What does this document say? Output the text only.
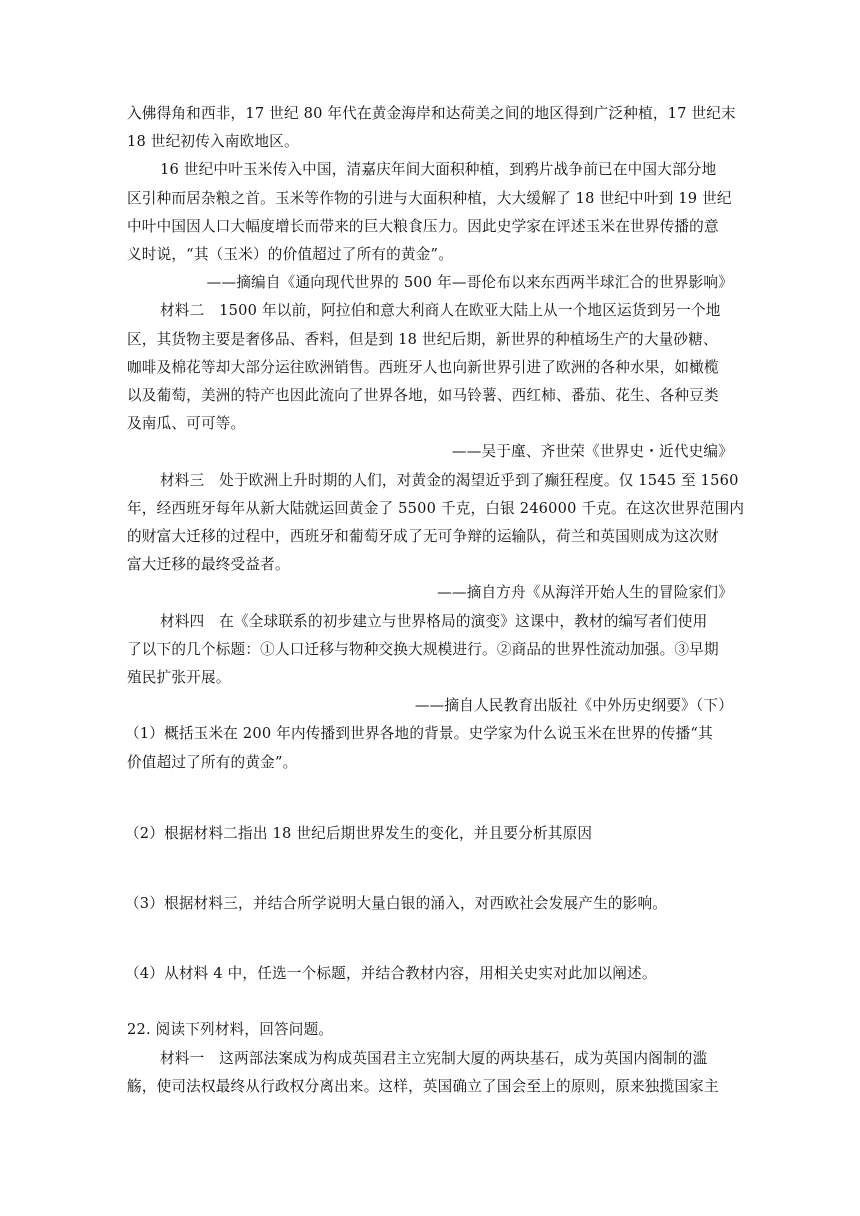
入佛得角和西非，17 世纪 80 年代在黄金海岸和达荷美之间的地区得到广泛种植，17 世纪末
18 世纪初传入南欧地区。
16 世纪中叶玉米传入中国，清嘉庆年间大面积种植，到鸦片战争前已在中国大部分地
区引种而居杂粮之首。玉米等作物的引进与大面积种植，大大缓解了 18 世纪中叶到 19 世纪
中叶中国因人口大幅度增长而带来的巨大粮食压力。因此史学家在评述玉米在世界传播的意
义时说，“其（玉米）的价值超过了所有的黄金”。
——摘编自《通向现代世界的 500 年—哥伦布以来东西两半球汇合的世界影响》
材料二　1500 年以前，阿拉伯和意大利商人在欧亚大陆上从一个地区运货到另一个地
区，其货物主要是奢侈品、香料，但是到 18 世纪后期，新世界的种植场生产的大量砂糖、
咖啡及棉花等却大部分运往欧洲销售。西班牙人也向新世界引进了欧洲的各种水果，如橄榄
以及葡萄，美洲的特产也因此流向了世界各地，如马铃薯、西红柿、番茄、花生、各种豆类
及南瓜、可可等。
——吴于廑、齐世荣《世界史・近代史编》
材料三　处于欧洲上升时期的人们，对黄金的渴望近乎到了癫狂程度。仅 1545 至 1560
年，经西班牙每年从新大陆就运回黄金了 5500 千克，白银 246000 千克。在这次世界范围内
的财富大迁移的过程中，西班牙和葡萄牙成了无可争辩的运输队，荷兰和英国则成为这次财
富大迁移的最终受益者。
——摘自方舟《从海洋开始人生的冒险家们》
材料四　在《全球联系的初步建立与世界格局的演变》这课中，教材的编写者们使用
了以下的几个标题：①人口迁移与物种交换大规模进行。②商品的世界性流动加强。③早期
殖民扩张开展。
——摘自人民教育出版社《中外历史纲要》（下）
（1）概括玉米在 200 年内传播到世界各地的背景。史学家为什么说玉米在世界的传播“其
价值超过了所有的黄金”。
（2）根据材料二指出 18 世纪后期世界发生的变化，并且要分析其原因
（3）根据材料三，并结合所学说明大量白银的涌入，对西欧社会发展产生的影响。
（4）从材料 4 中，任选一个标题，并结合教材内容，用相关史实对此加以阐述。
22. 阅读下列材料，回答问题。
材料一　这两部法案成为构成英国君主立宪制大厦的两块基石，成为英国内阁制的滥
觞，使司法权最终从行政权分离出来。这样，英国确立了国会至上的原则，原来独揽国家主
